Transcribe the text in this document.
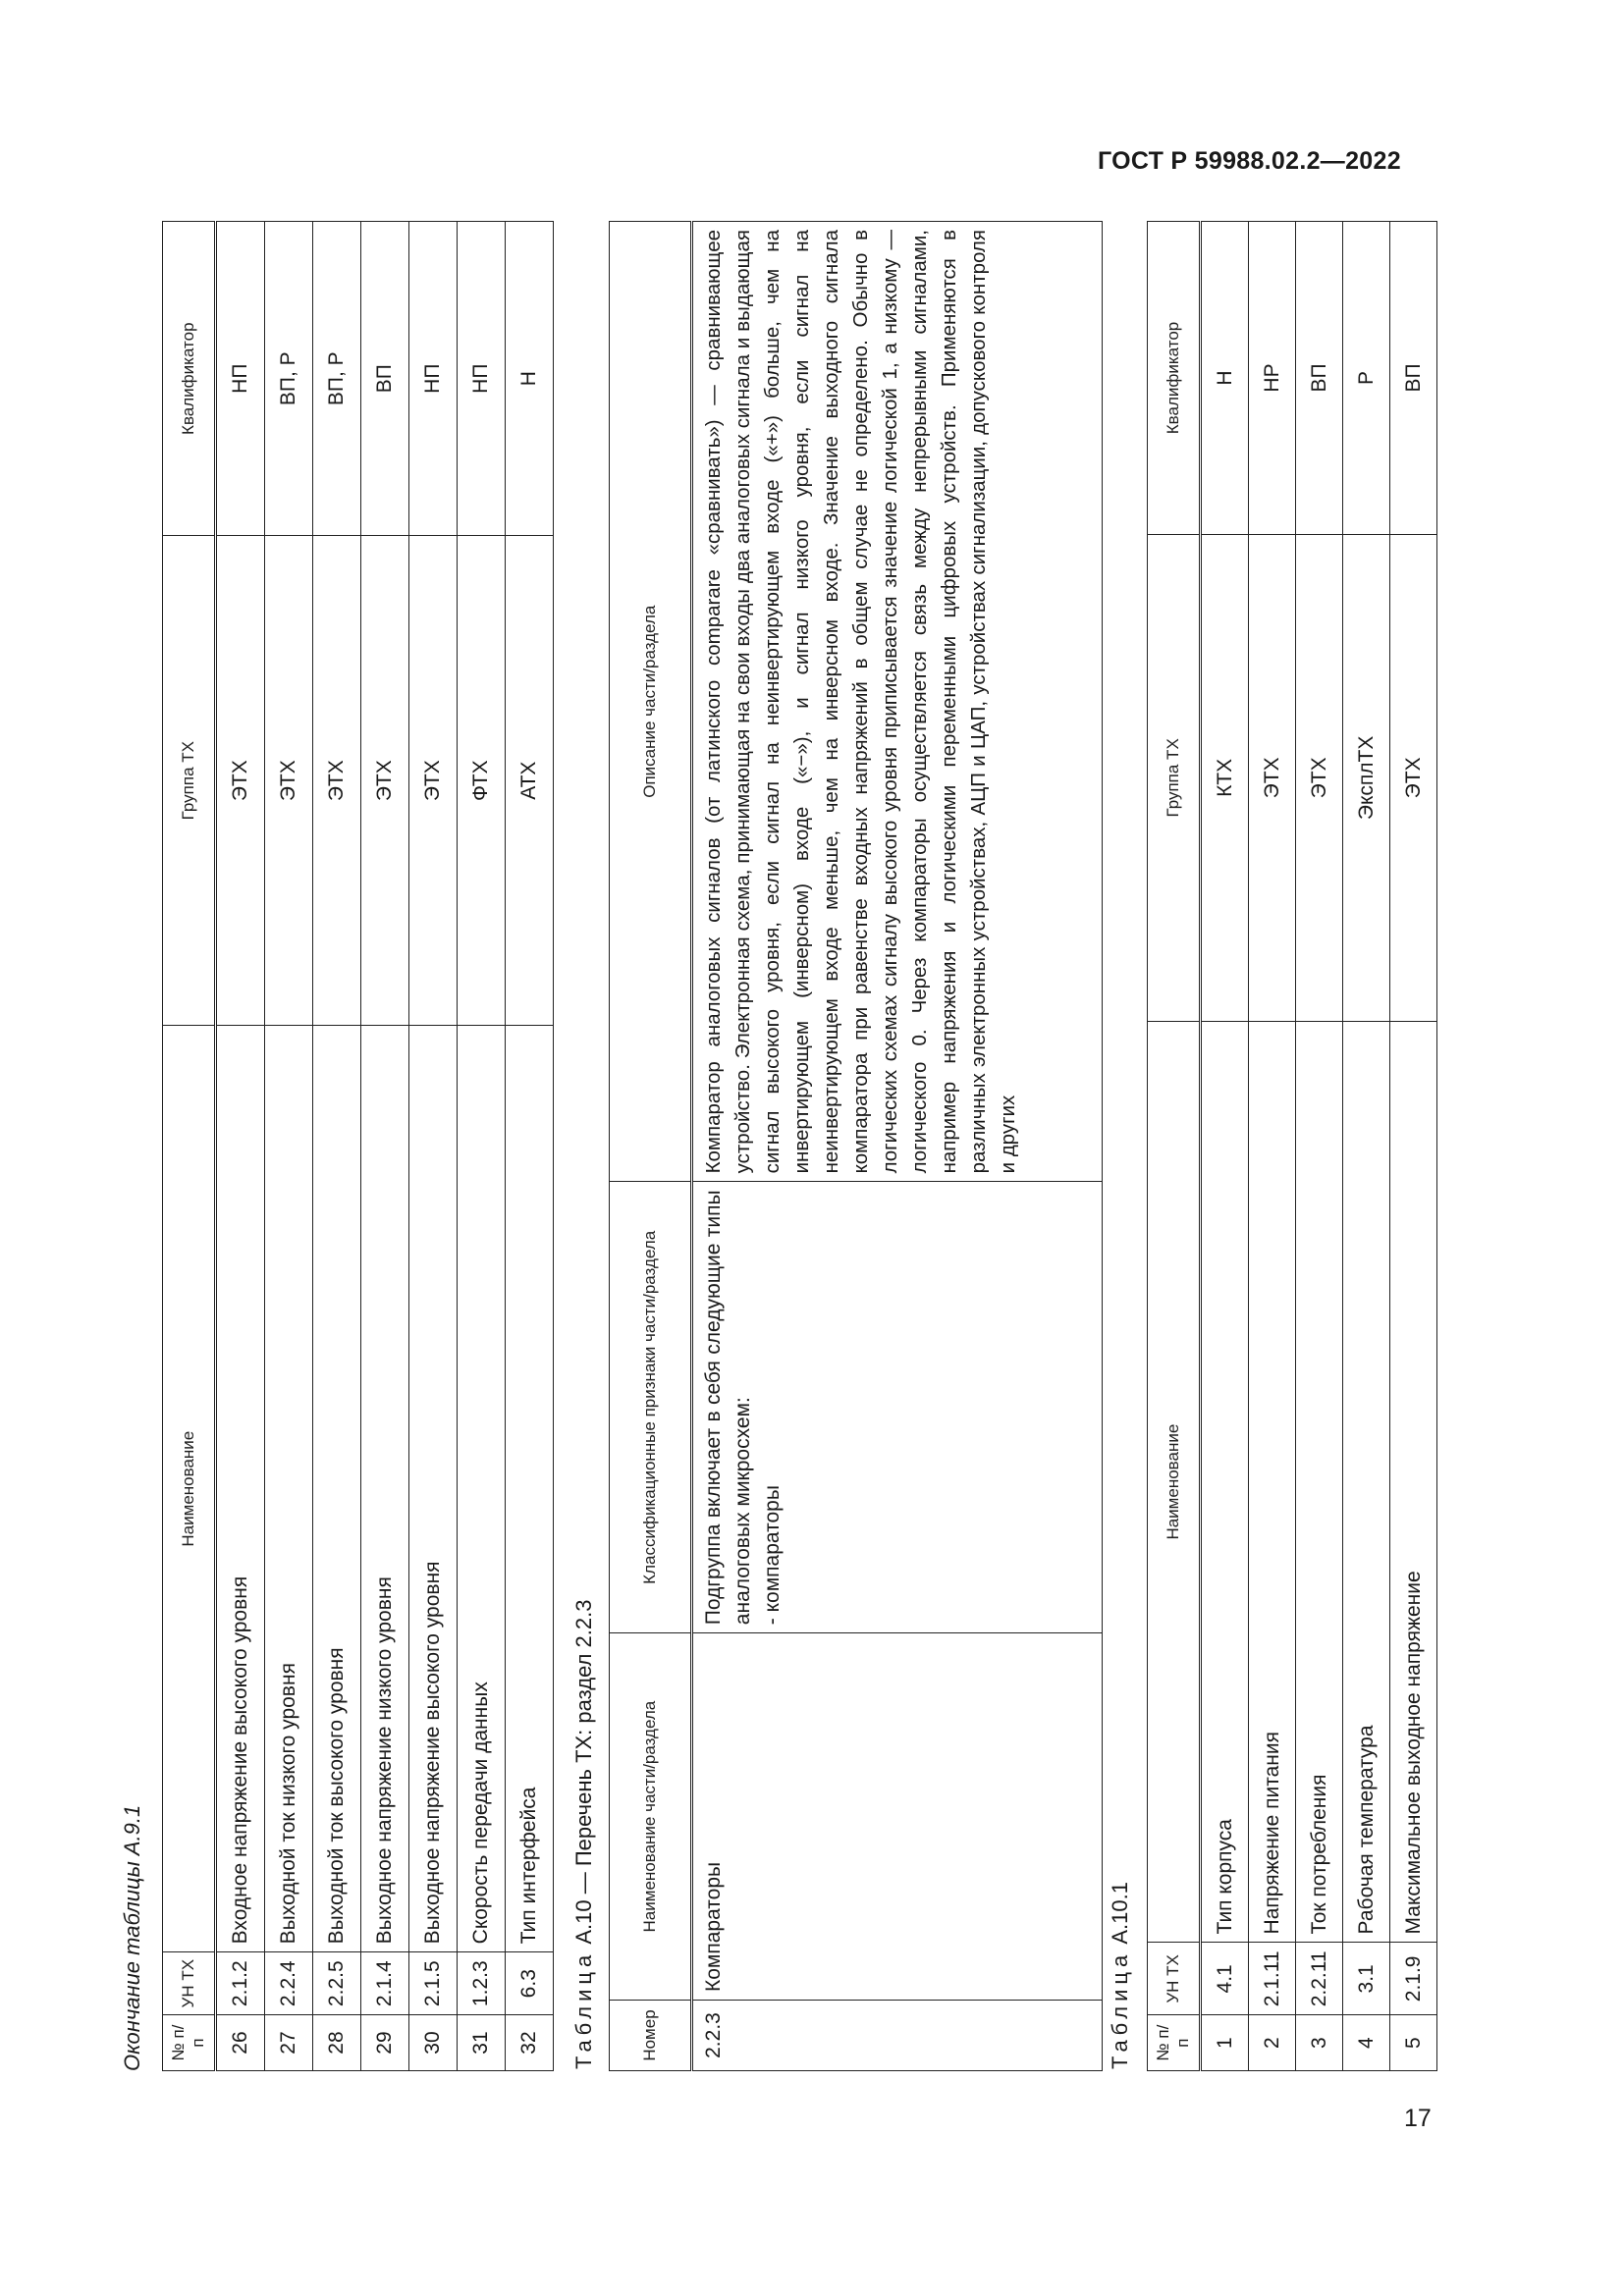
ГОСТ Р 59988.02.2—2022
17
Окончание таблицы А.9.1 № п/п	УН ТХ	Наименование	Группа ТХ	Квалификатор
26	2.1.2	Входное напряжение высокого уровня	ЭТХ	НП
27	2.2.4	Выходной ток низкого уровня	ЭТХ	ВП, Р
28	2.2.5	Выходной ток высокого уровня	ЭТХ	ВП, Р
29	2.1.4	Выходное напряжение низкого уровня	ЭТХ	ВП
30	2.1.5	Выходное напряжение высокого уровня	ЭТХ	НП
31	1.2.3	Скорость передачи данных	ФТХ	НП
32	6.3	Тип интерфейса	АТХ	Н
Таблица А.10 — Перечень ТХ: раздел 2.2.3
Номер	Наименование части/раздела	Классификационные признаки части/раздела	Описание части/раздела
2.2.3	Компараторы	Подгруппа включает в себя следующие типы аналоговых микросхем: - компараторы	Компаратор аналоговых сигналов (от латинского comparare «сравнивать») — сравнивающее устройство. Электронная схема, принимающая на свои входы два аналоговых сигнала и выдающая сигнал высокого уровня, если сигнал на неинвертирующем входе («+») больше, чем на инвертирующем (инверсном) входе («−»), и сигнал низкого уровня, если сигнал на неинвертирующем входе меньше, чем на инверсном входе. Значение выходного сигнала компаратора при равенстве входных напряжений в общем случае не определено. Обычно в логических схемах сигналу высокого уровня приписывается значение логической 1, а низкому — логического 0. Через компараторы осуществляется связь между непрерывными сигналами, например напряжения и логическими переменными цифровых устройств. Применяются в различных электронных устройствах, АЦП и ЦАП, устройствах сигнализации, допускового контроля и других
Таблица А.10.1
№ п/п	УН ТХ	Наименование	Группа ТХ	Квалификатор
1	4.1	Тип корпуса	КТХ	Н
2	2.1.11	Напряжение питания	ЭТХ	НР
3	2.2.11	Ток потребления	ЭТХ	ВП
4	3.1	Рабочая температура	ЭксплТХ	Р
5	2.1.9	Максимальное выходное напряжение	ЭТХ	ВП
